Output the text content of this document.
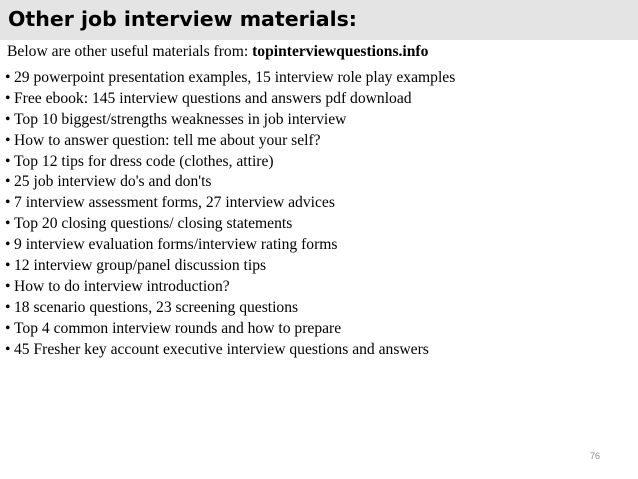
Other job interview materials:

Below are other useful materials from: topinterviewquestions.info

• 29 powerpoint presentation examples, 15 interview role play examples
• Free ebook: 145 interview questions and answers pdf download
• Top 10 biggest/strengths weaknesses in job interview
• How to answer question: tell me about your self?
• Top 12 tips for dress code (clothes, attire)
• 25 job interview do's and don'ts
• 7 interview assessment forms, 27 interview advices
• Top 20 closing questions/ closing statements
• 9 interview evaluation forms/interview rating forms
• 12 interview group/panel discussion tips
• How to do interview introduction?
• 18 scenario questions, 23 screening questions
• Top 4 common interview rounds and how to prepare
• 45 Fresher key account executive interview questions and answers
76
